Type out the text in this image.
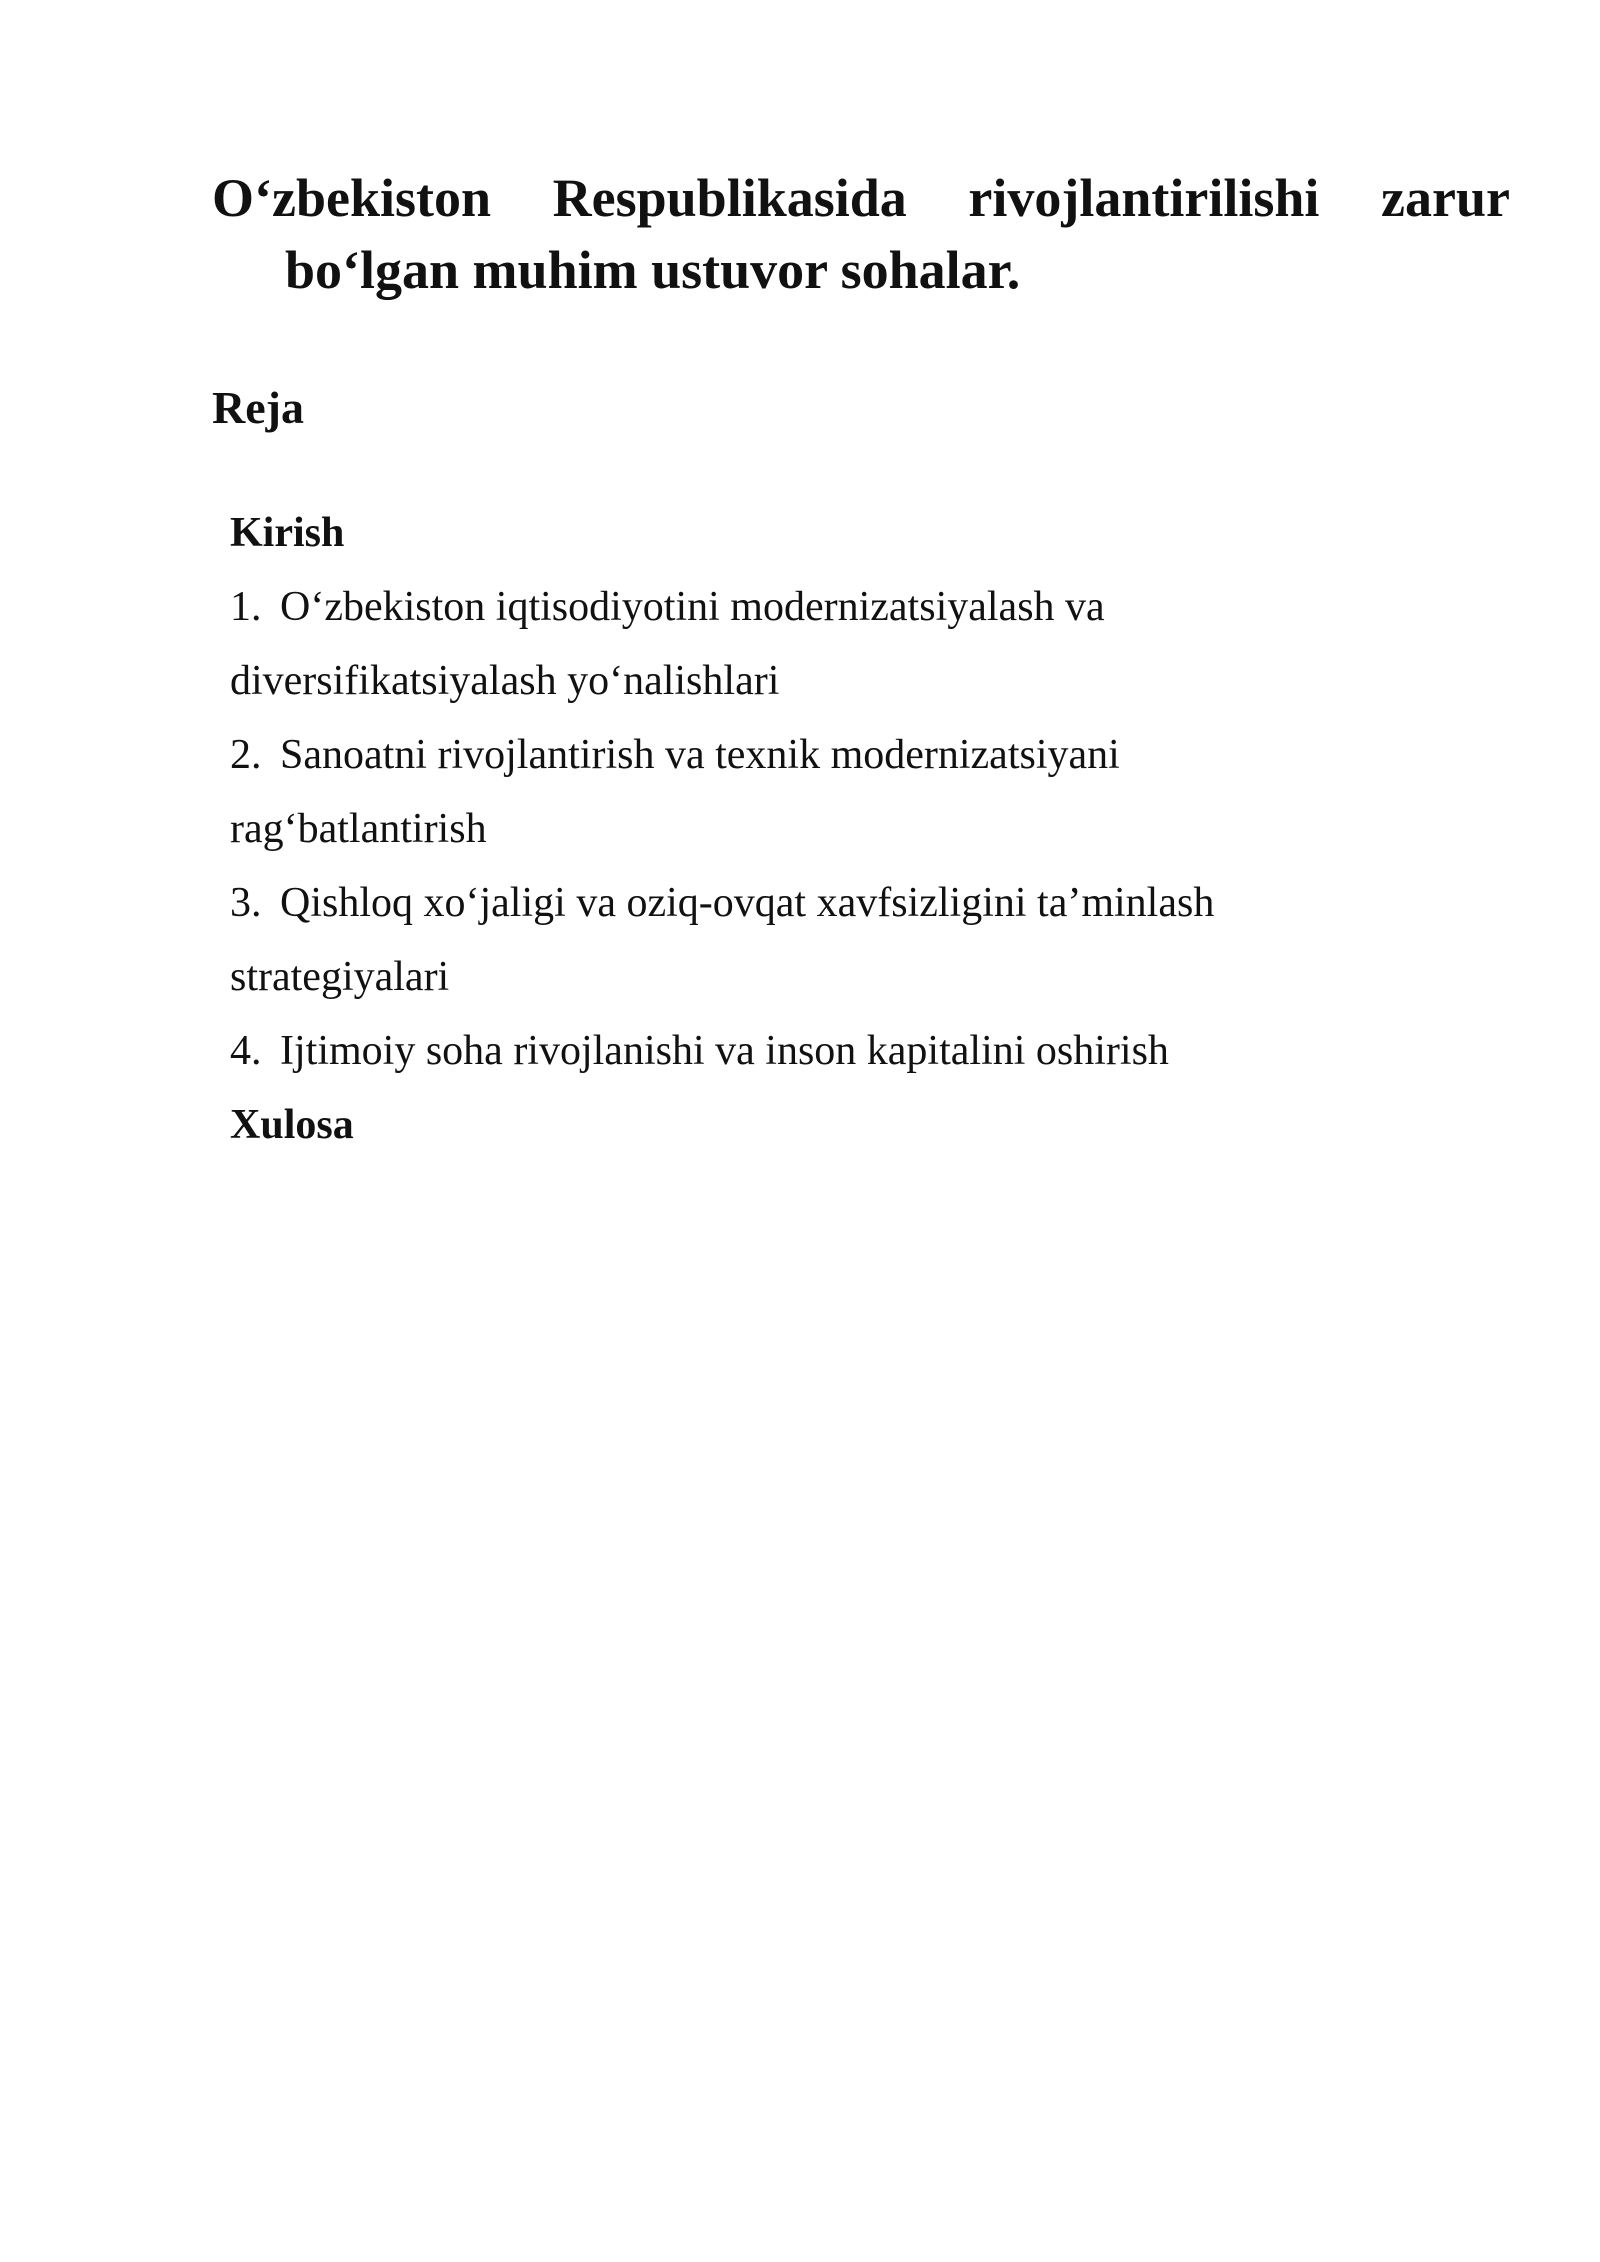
O‘zbekiston Respublikasida rivojlantirilishi zarur
bo‘lgan muhim ustuvor sohalar.
Reja
Kirish
1. O‘zbekiston iqtisodiyotini modernizatsiyalash va
diversifikatsiyalash yo‘nalishlari
2. Sanoatni rivojlantirish va texnik modernizatsiyani
rag‘batlantirish
3. Qishloq xo‘jaligi va oziq-ovqat xavfsizligini ta’minlash
strategiyalari
4. Ijtimoiy soha rivojlanishi va inson kapitalini oshirish
Xulosa
